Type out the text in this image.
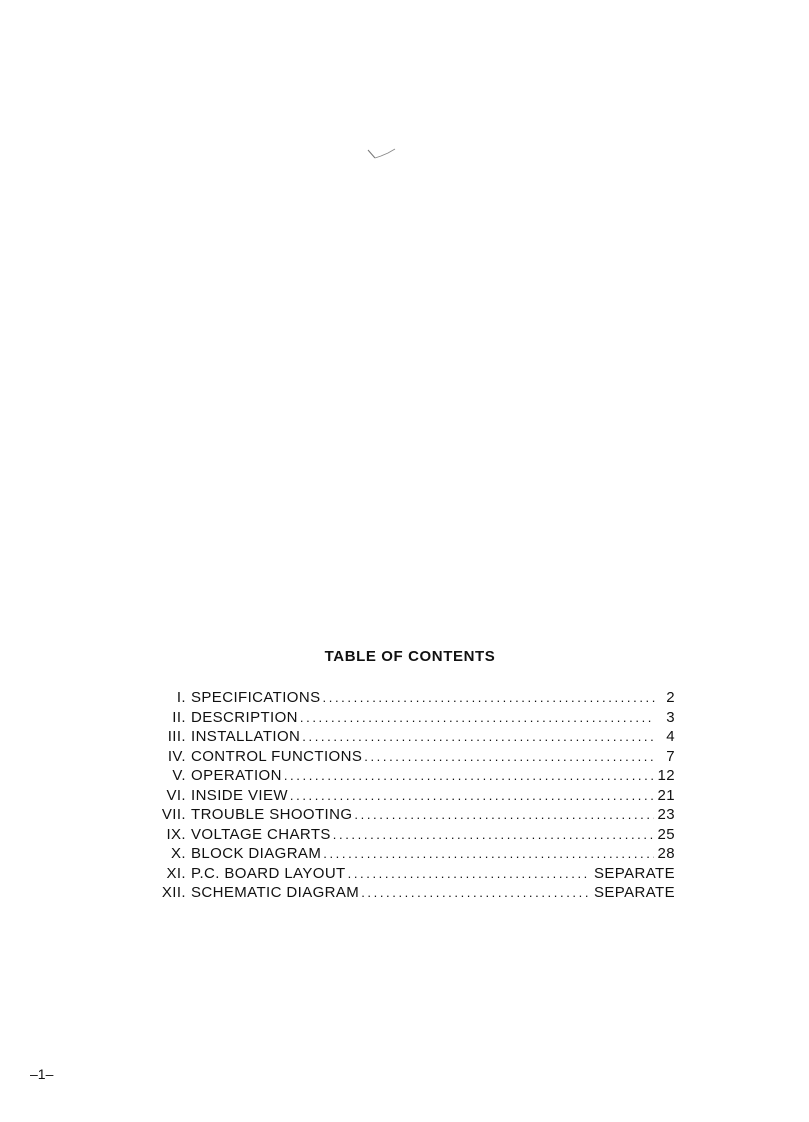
TABLE OF CONTENTS
I. SPECIFICATIONS .....	2
II. DESCRIPTION .....	3
III. INSTALLATION .....	4
IV. CONTROL FUNCTIONS .....	7
V. OPERATION .....	12
VI. INSIDE VIEW .....	21
VII. TROUBLE SHOOTING .....	23
IX. VOLTAGE CHARTS .....	25
X. BLOCK DIAGRAM .....	28
XI. P.C. BOARD LAYOUT .....	SEPARATE
XII. SCHEMATIC DIAGRAM .....	SEPARATE
–1–
